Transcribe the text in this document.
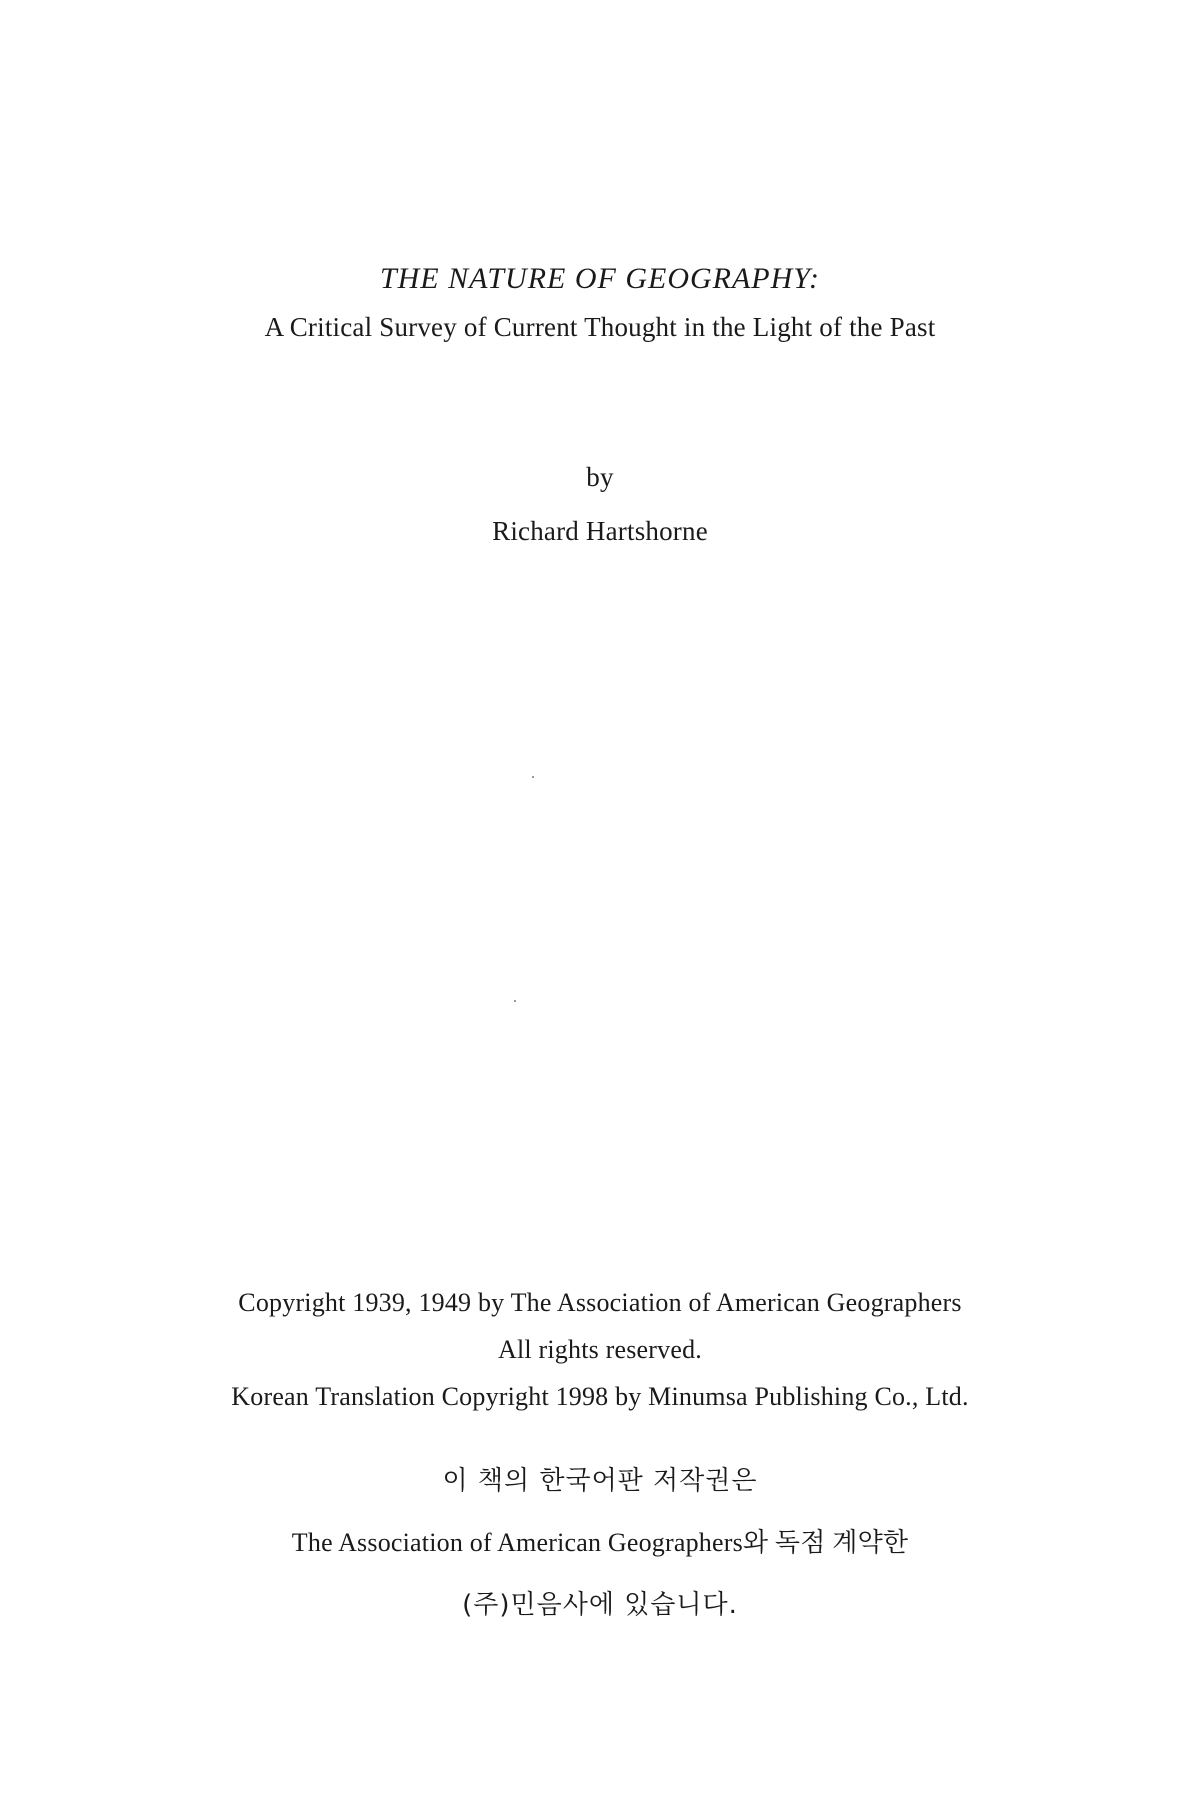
THE NATURE OF GEOGRAPHY:
A Critical Survey of Current Thought in the Light of the Past
by
Richard Hartshorne
Copyright 1939, 1949 by The Association of American Geographers
All rights reserved.
Korean Translation Copyright 1998 by Minumsa Publishing Co., Ltd.
이 책의 한국어판 저작권은
The Association of American Geographers와 독점 계약한
(주)민음사에 있습니다.
